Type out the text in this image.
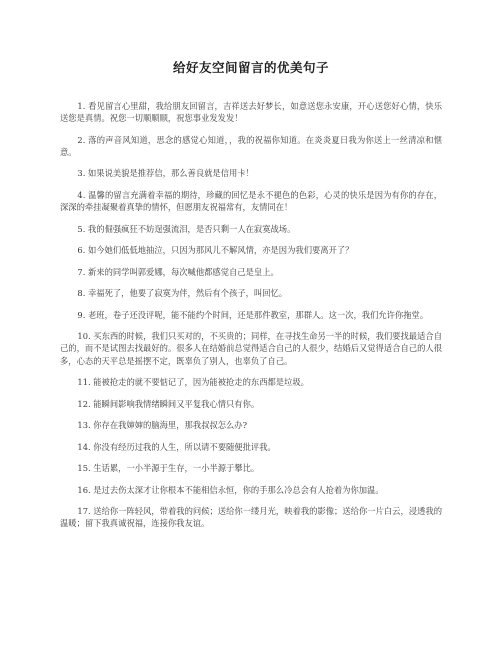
给好友空间留言的优美句子

1. 看见留言心里甜，我给朋友回留言，吉祥送去好梦长，如意送您永安康，开心送您好心情，快乐送您是真情。祝您一切顺顺顺，祝您事业发发发！

2. 落的声音风知道，思念的感觉心知道，，我的祝福你知道。在炎炎夏日我为你送上一丝清凉和惬意。

3. 如果说美貌是推荐信，那么善良就是信用卡！

4. 温馨的留言充满着幸福的期待，珍藏的回忆是永不褪色的色彩，心灵的快乐是因为有你的存在，深深的牵挂凝聚着真挚的情怀，但愿朋友祝福常有，友情同在！

5. 我的倔强疯狂不妨逞强流泪，是否只剩一人在寂寞战场。

6. 如今她们低低地抽泣，只因为那风儿不解风情，亦是因为我们要离开了？

7. 新来的同学叫郭爱娜，每次喊他都感觉自己是皇上。

8. 幸福死了，他要了寂寞为伴，然后有个孩子，叫回忆。

9. 老班，卷子还没评呢，能不能约个时间，还是那件教室，那群人。这一次，我们允许你拖堂。

10. 买东西的时候，我们只买对的，不买贵的；同样，在寻找生命另一半的时候，我们要找最适合自己的，而不是试图去找最好的。很多人在结婚前总觉得适合自己的人很少，结婚后又觉得适合自己的人很多，心态的天平总是摇摆不定，既辜负了别人，也辜负了自己。

11. 能被抢走的就不要惦记了，因为能被抢走的东西都是垃圾。

12. 能瞬间影响我情绪瞬间又平复我心情只有你。

13. 你存在我婶婶的脑海里，那我叔叔怎么办?

14. 你没有经历过我的人生，所以请不要随便批评我。

15. 生话累，一小半源于生存，一小半源于攀比。

16. 是过去伤太深才让你根本不能相信永恒，你的手那么冷总会有人抢着为你加温。

17. 送给你一阵轻风，带着我的问候；送给你一缕月光，映着我的影像；送给你一片白云，浸透我的温暖；留下我真诚祝福，连接你我友谊。
